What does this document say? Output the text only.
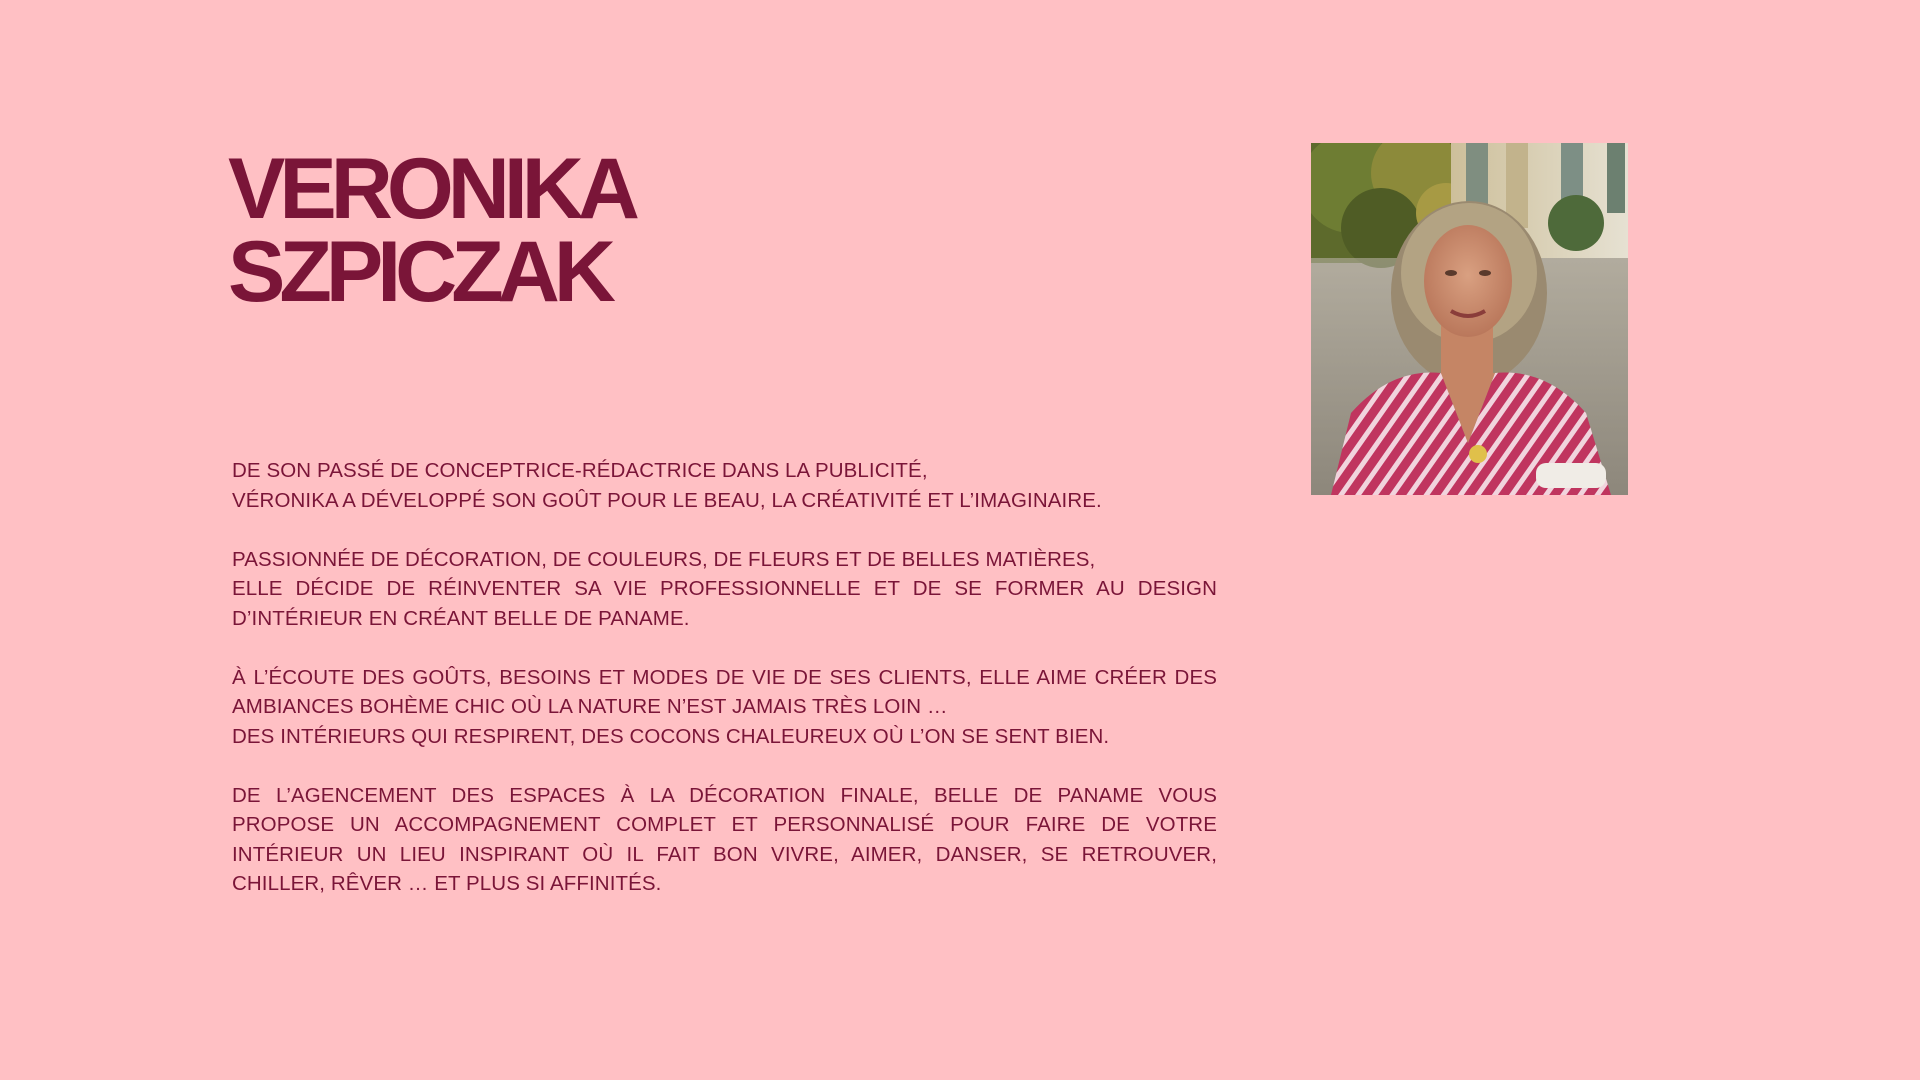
VERONIKA
SZPICZAK

DE SON PASSÉ DE CONCEPTRICE-RÉDACTRICE DANS LA PUBLICITÉ,
VÉRONIKA A DÉVELOPPÉ SON GOÛT POUR LE BEAU, LA CRÉATIVITÉ ET L’IMAGINAIRE.

PASSIONNÉE DE DÉCORATION, DE COULEURS, DE FLEURS ET DE BELLES MATIÈRES,
ELLE DÉCIDE DE RÉINVENTER SA VIE PROFESSIONNELLE ET DE SE FORMER AU DESIGN D’INTÉRIEUR EN CRÉANT BELLE DE PANAME.

À L’ÉCOUTE DES GOÛTS, BESOINS ET MODES DE VIE DE SES CLIENTS, ELLE AIME CRÉER DES AMBIANCES BOHÈME CHIC OÙ LA NATURE N’EST JAMAIS TRÈS LOIN …
DES INTÉRIEURS QUI RESPIRENT, DES COCONS CHALEUREUX OÙ L’ON SE SENT BIEN.

DE L’AGENCEMENT DES ESPACES À LA DÉCORATION FINALE, BELLE DE PANAME VOUS PROPOSE UN ACCOMPAGNEMENT COMPLET ET PERSONNALISÉ POUR FAIRE DE VOTRE INTÉRIEUR UN LIEU INSPIRANT OÙ IL FAIT BON VIVRE, AIMER, DANSER, SE RETROUVER, CHILLER, RÊVER … ET PLUS SI AFFINITÉS.
